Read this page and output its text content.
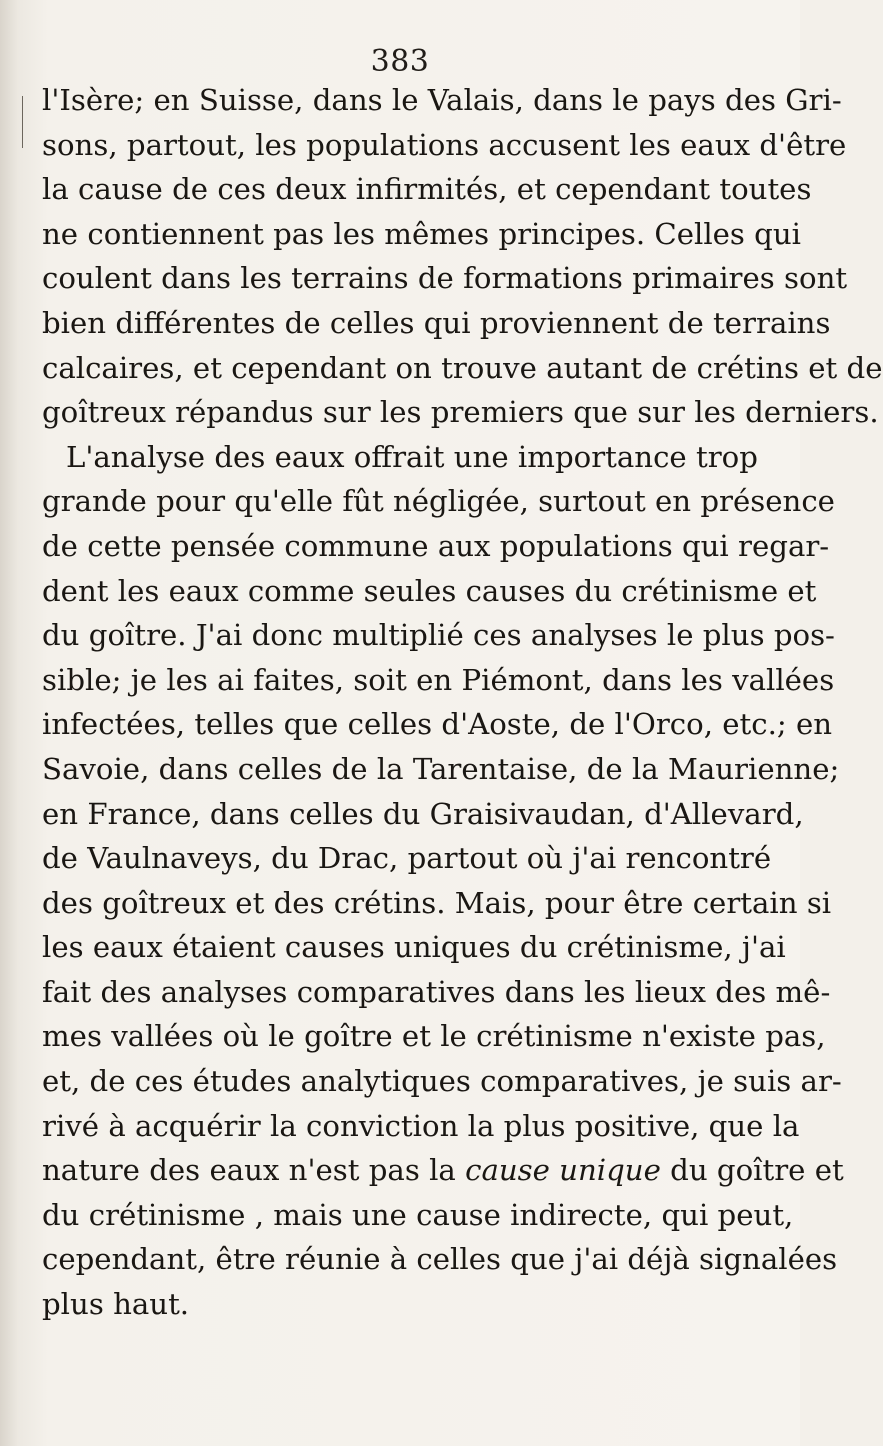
383
l'Isère; en Suisse, dans le Valais, dans le pays des Gri-
sons, partout, les populations accusent les eaux d'être
la cause de ces deux infirmités, et cependant toutes
ne contiennent pas les mêmes principes. Celles qui
coulent dans les terrains de formations primaires sont
bien différentes de celles qui proviennent de terrains
calcaires, et cependant on trouve autant de crétins et de
goîtreux répandus sur les premiers que sur les derniers.
L'analyse des eaux offrait une importance trop
grande pour qu'elle fût négligée, surtout en présence
de cette pensée commune aux populations qui regar-
dent les eaux comme seules causes du crétinisme et
du goître. J'ai donc multiplié ces analyses le plus pos-
sible; je les ai faites, soit en Piémont, dans les vallées
infectées, telles que celles d'Aoste, de l'Orco, etc.; en
Savoie, dans celles de la Tarentaise, de la Maurienne;
en France, dans celles du Graisivaudan, d'Allevard,
de Vaulnaveys, du Drac, partout où j'ai rencontré
des goîtreux et des crétins. Mais, pour être certain si
les eaux étaient causes uniques du crétinisme, j'ai
fait des analyses comparatives dans les lieux des mê-
mes vallées où le goître et le crétinisme n'existe pas,
et, de ces études analytiques comparatives, je suis ar-
rivé à acquérir la conviction la plus positive, que la
nature des eaux n'est pas la cause unique du goître et
du crétinisme , mais une cause indirecte, qui peut,
cependant, être réunie à celles que j'ai déjà signalées
plus haut.
